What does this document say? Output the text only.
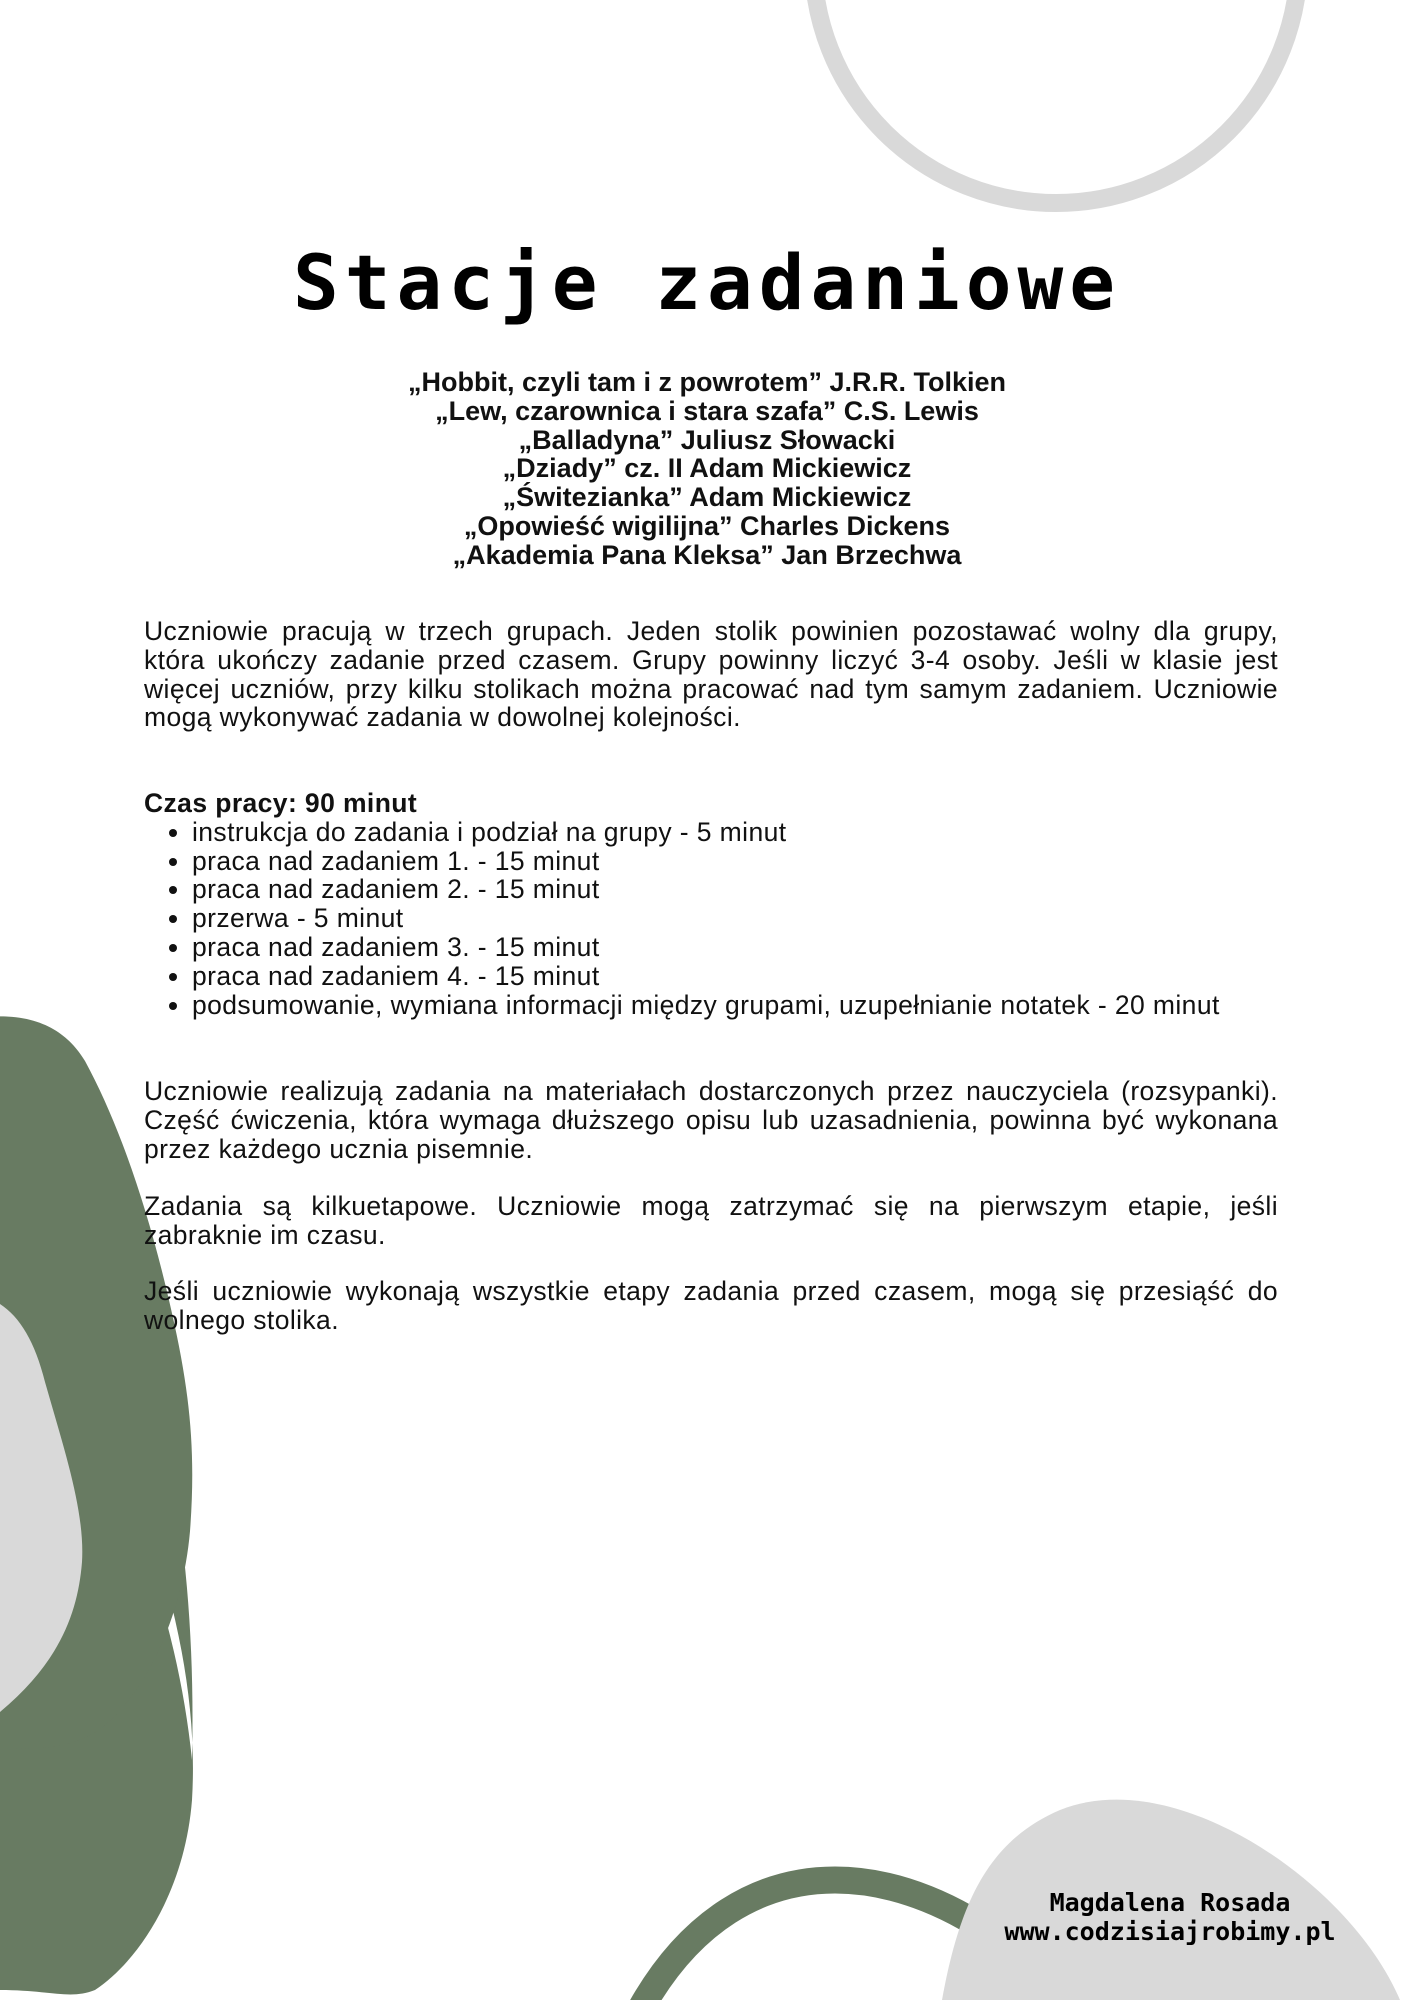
Stacje zadaniowe
„Hobbit, czyli tam i z powrotem” J.R.R. Tolkien
„Lew, czarownica i stara szafa” C.S. Lewis
„Balladyna” Juliusz Słowacki
„Dziady” cz. II Adam Mickiewicz
„Świtezianka” Adam Mickiewicz
„Opowieść wigilijna” Charles Dickens
„Akademia Pana Kleksa” Jan Brzechwa

Uczniowie pracują w trzech grupach. Jeden stolik powinien pozostawać wolny dla grupy, która ukończy zadanie przed czasem. Grupy powinny liczyć 3-4 osoby. Jeśli w klasie jest więcej uczniów, przy kilku stolikach można pracować nad tym samym zadaniem. Uczniowie mogą wykonywać zadania w dowolnej kolejności.

Czas pracy: 90 minut

• instrukcja do zadania i podział na grupy - 5 minut
• praca nad zadaniem 1. - 15 minut
• praca nad zadaniem 2. - 15 minut
• przerwa - 5 minut
• praca nad zadaniem 3. - 15 minut
• praca nad zadaniem 4. - 15 minut
• podsumowanie, wymiana informacji między grupami, uzupełnianie notatek - 20 minut

Uczniowie realizują zadania na materiałach dostarczonych przez nauczyciela (rozsypanki). Część ćwiczenia, która wymaga dłuższego opisu lub uzasadnienia, powinna być wykonana przez każdego ucznia pisemnie.

Zadania są kilkuetapowe. Uczniowie mogą zatrzymać się na pierwszym etapie, jeśli zabraknie im czasu.

Jeśli uczniowie wykonają wszystkie etapy zadania przed czasem, mogą się przesiąść do wolnego stolika.

Magdalena Rosada
www.codzisiajrobimy.pl
